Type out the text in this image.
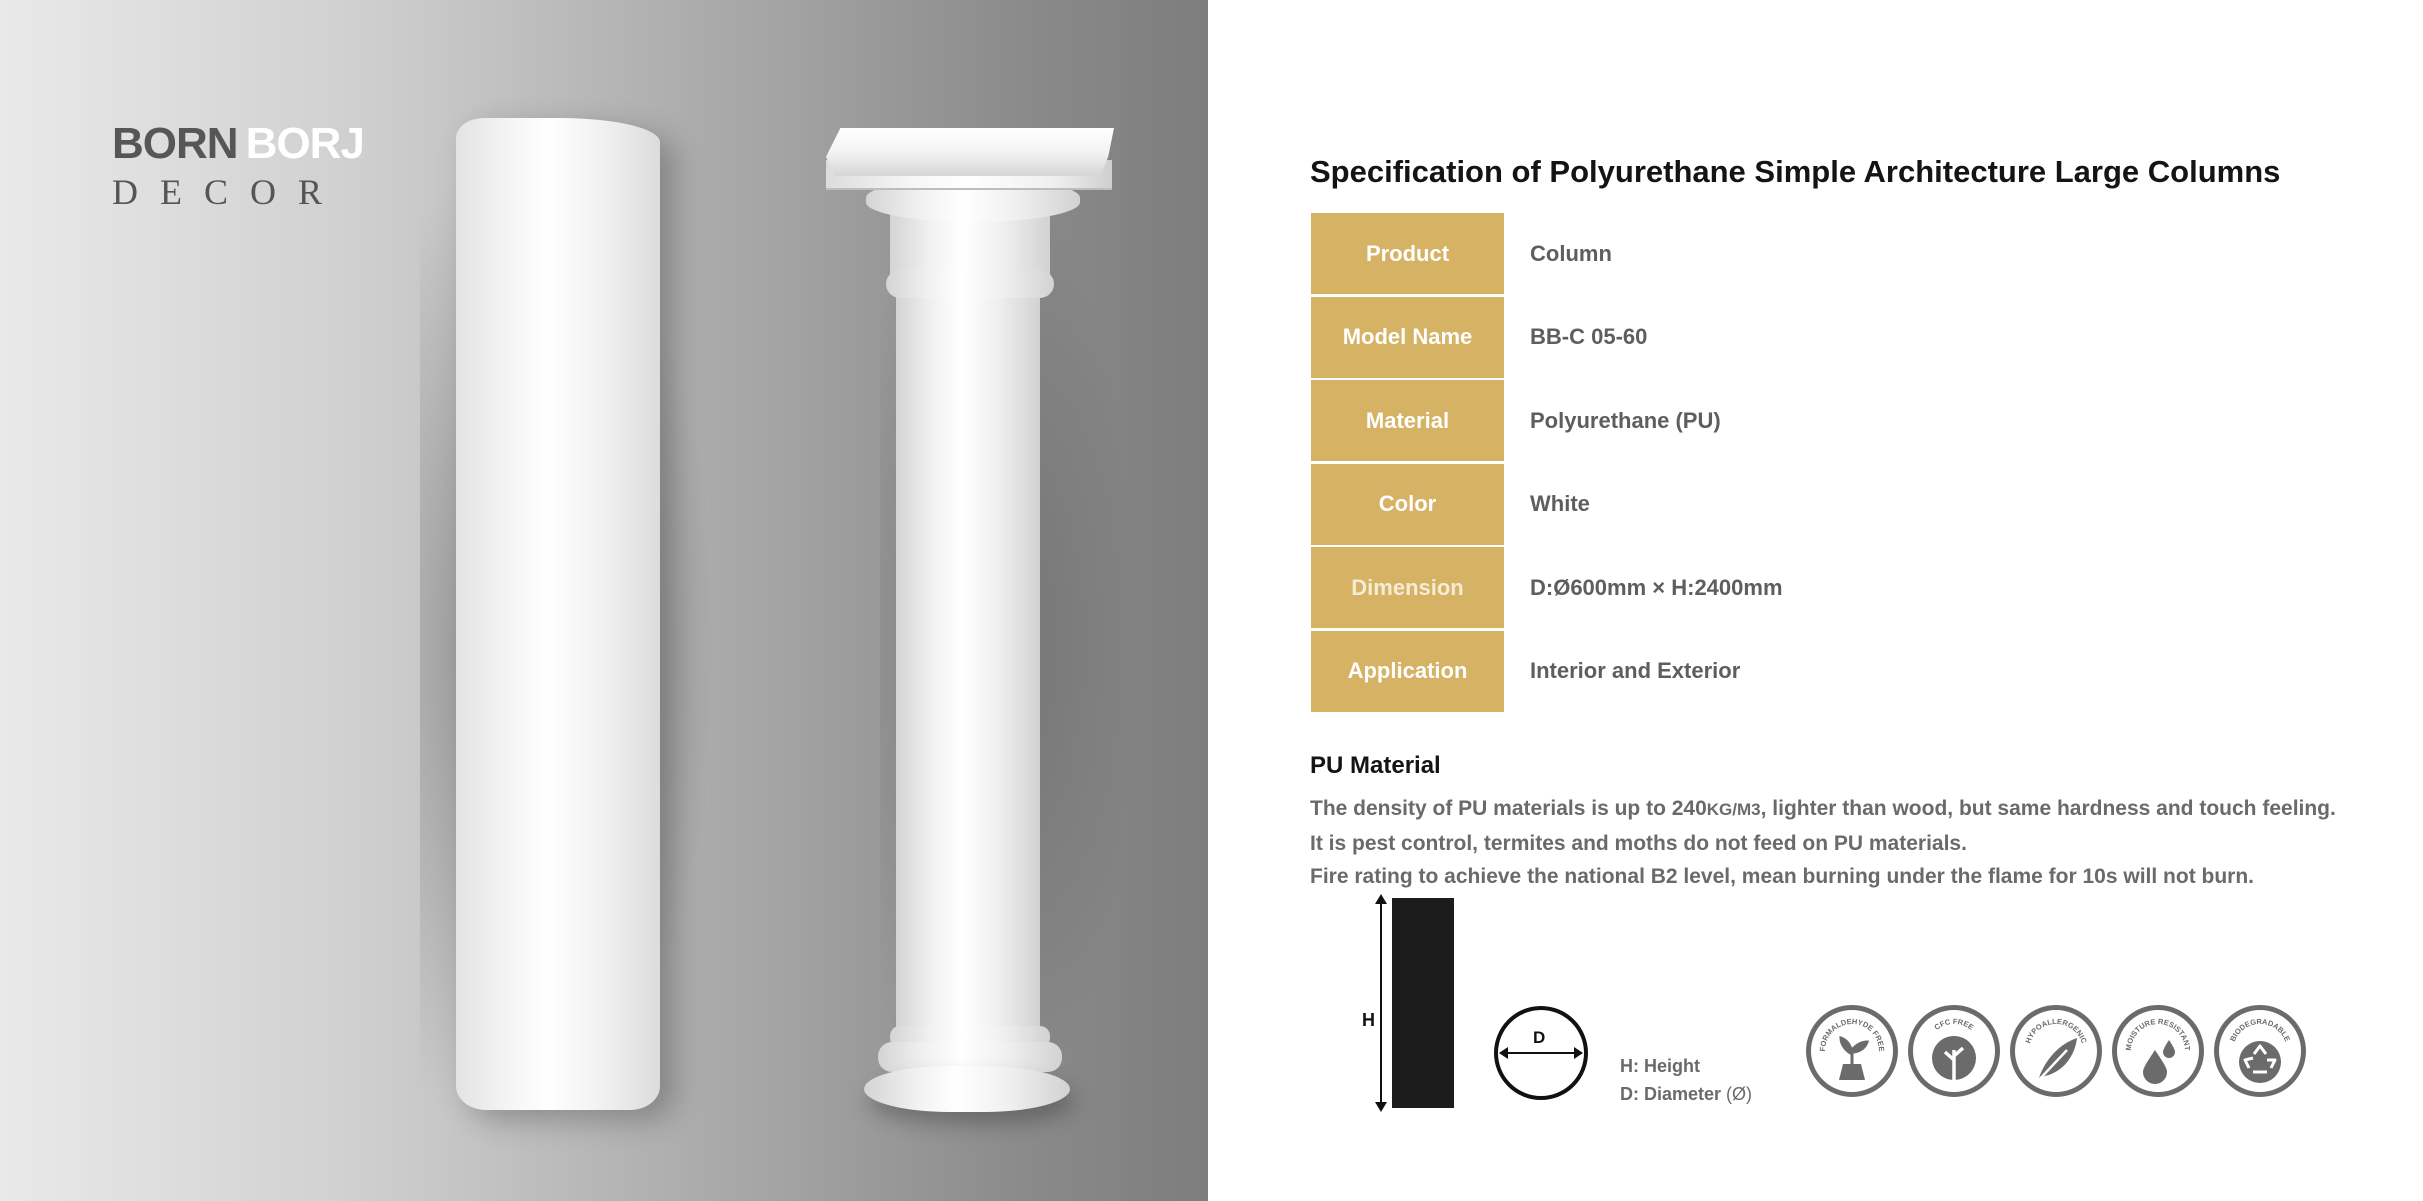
BORN BORJ
DECOR
Specification of Polyurethane Simple Architecture Large Columns
Product	Column
Model Name	BB-C 05-60
Material	Polyurethane (PU)
Color	White
Dimension	D:Ø600mm × H:2400mm
Application	Interior and Exterior
PU Material
The density of PU materials is up to 240KG/M3, lighter than wood, but same hardness and touch feeling.
It is pest control, termites and moths do not feed on PU materials.
Fire rating to achieve the national B2 level, mean burning under the flame for 10s will not burn.
H
D
H: Height
D: Diameter (Ø)
FORMALDEHYDE FREE
CFC FREE
HYPOALLERGENIC
MOISTURE RESISTANT
BIODEGRADABLE
